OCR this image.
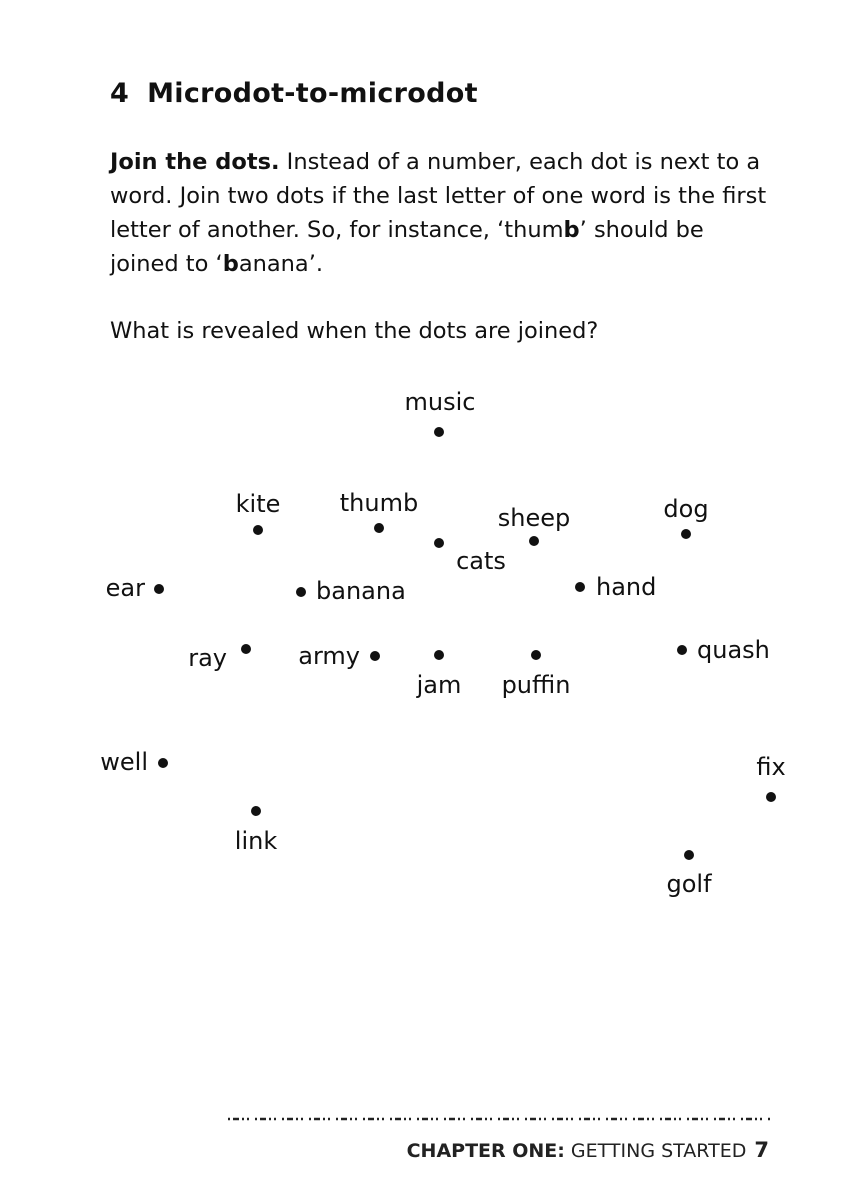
4 Microdot-to-microdot
Join the dots. Instead of a number, each dot is next to a word. Join two dots if the last letter of one word is the first letter of another. So, for instance, ‘thumb’ should be joined to ‘banana’.
What is revealed when the dots are joined?
music
kite thumb
cats
sheep	dog
ear	banana	hand
ray	army
jam puffin
quash
well	fix
link
golf
CHAPTER ONE: GETTING STARTED 7
